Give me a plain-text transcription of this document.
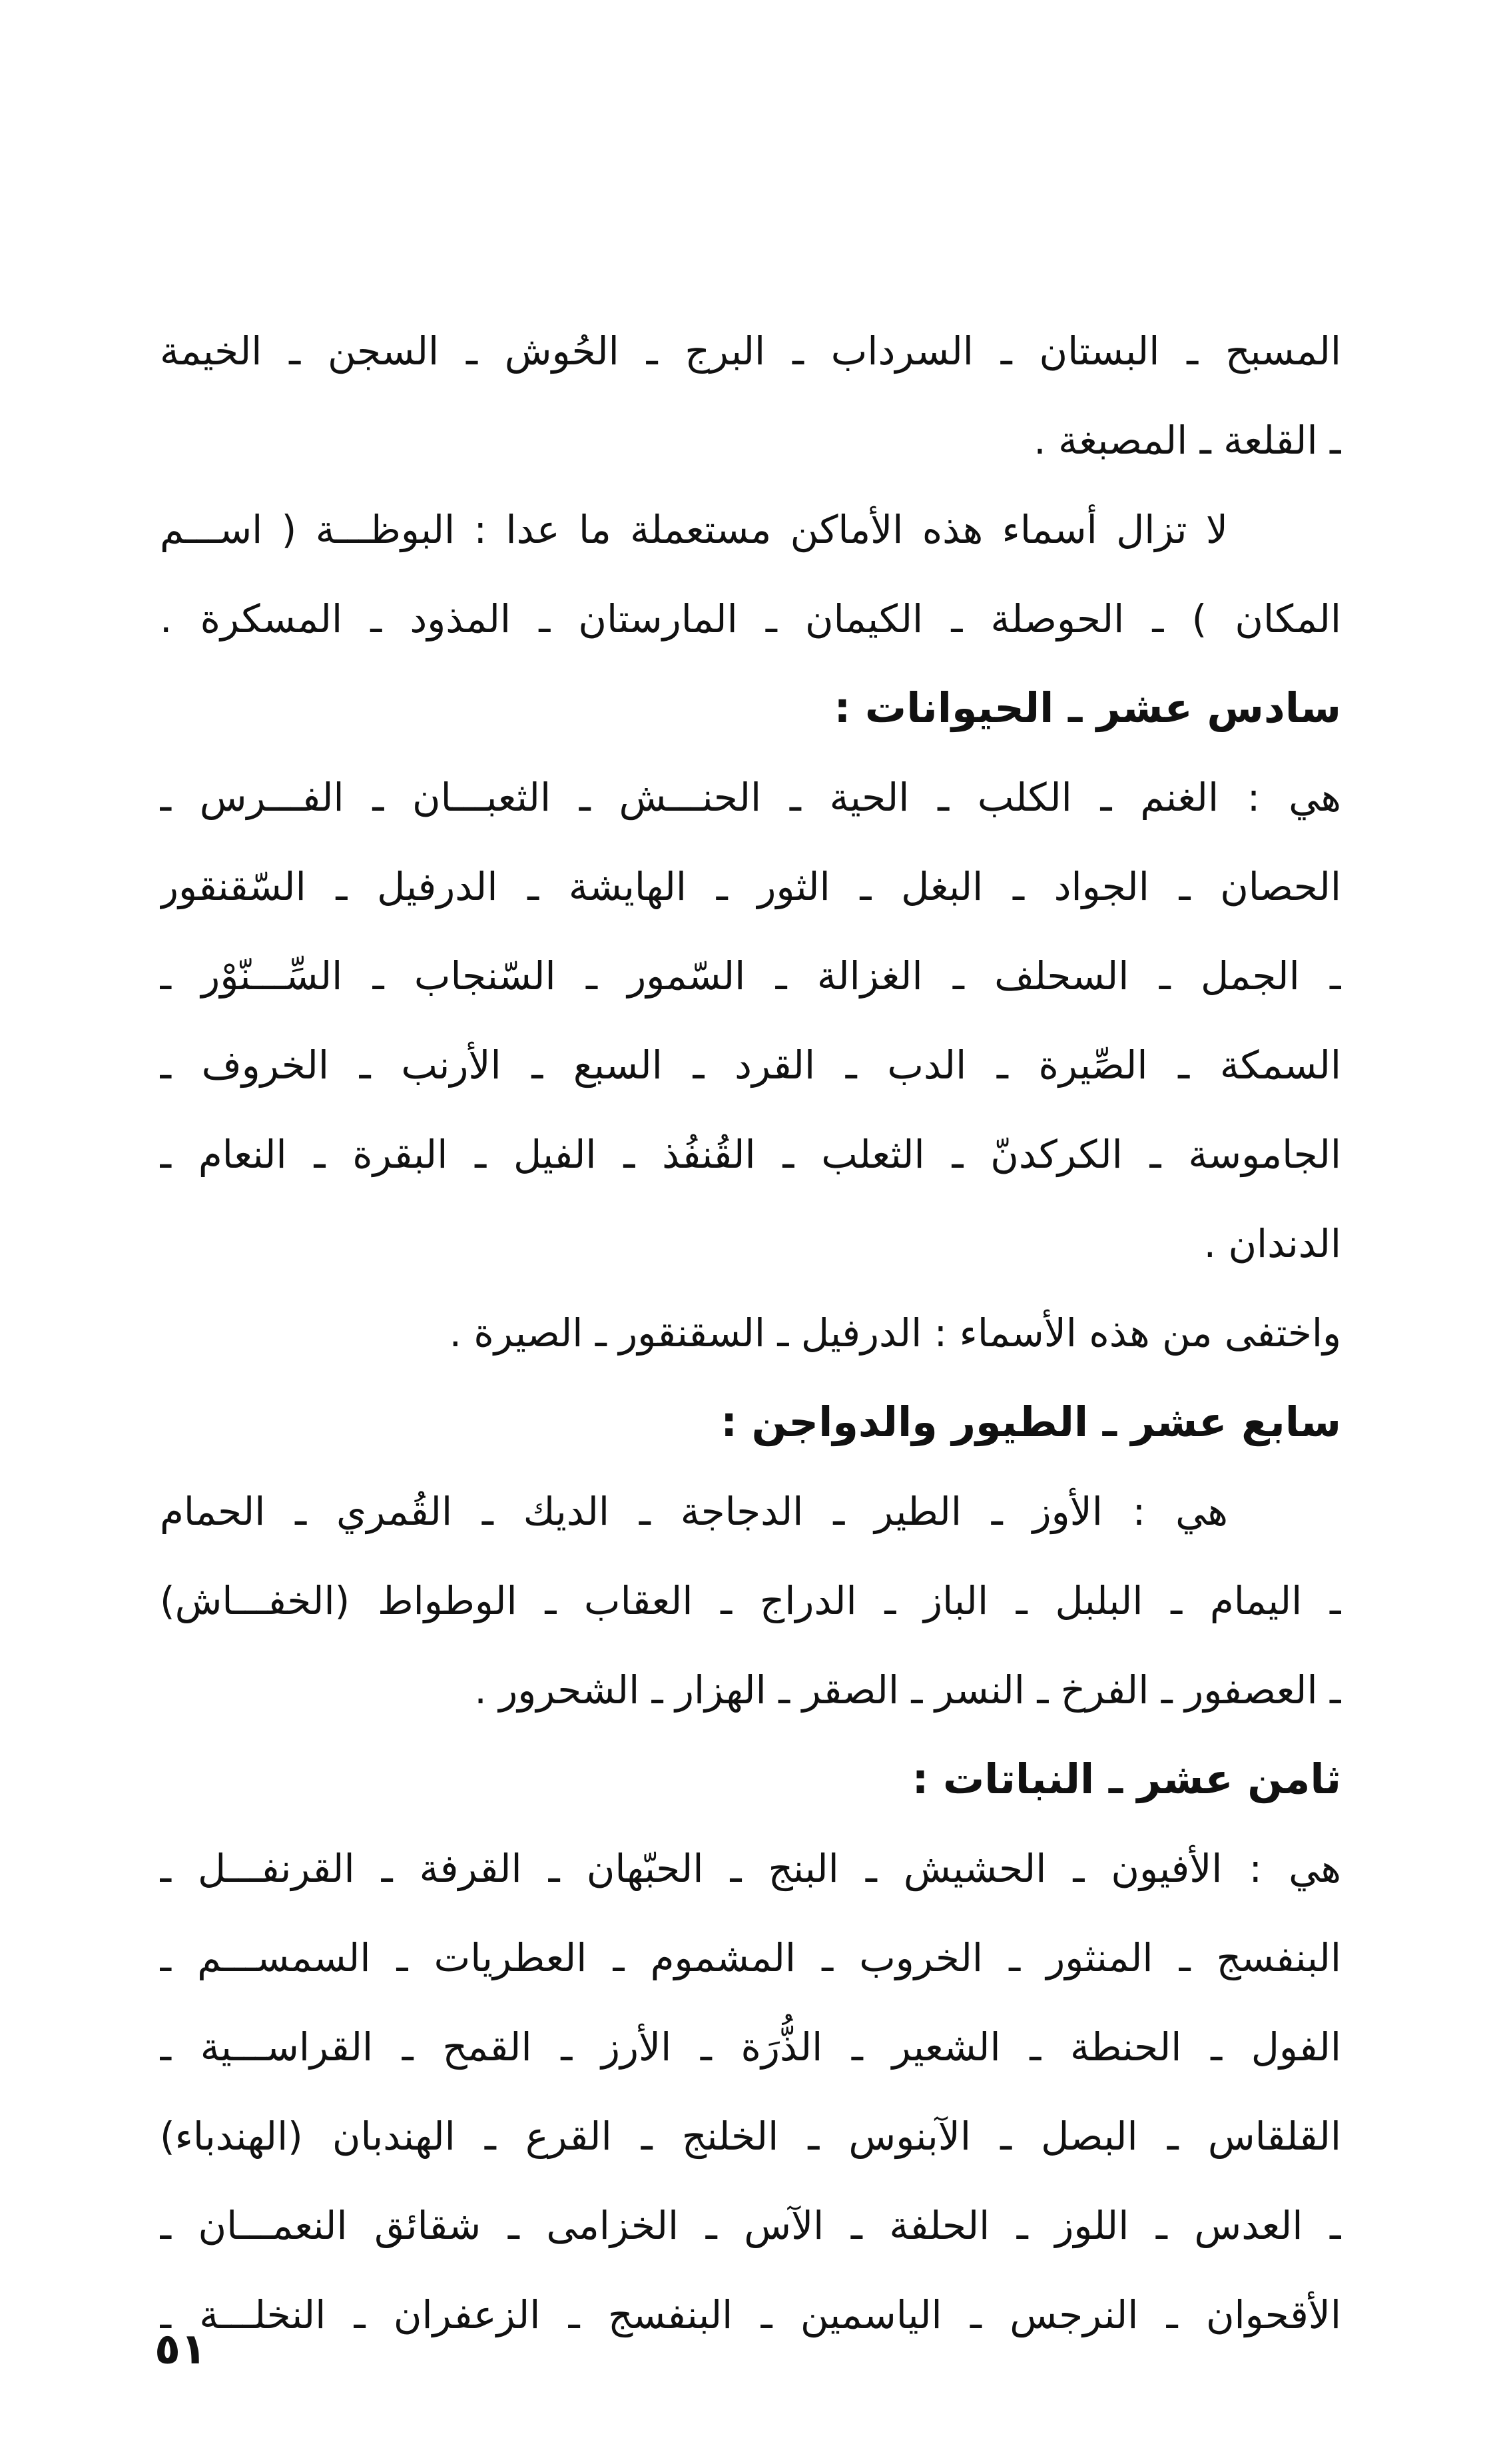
المسبح ـ البستان ـ السرداب ـ البرج ـ الحُوش ـ السجن ـ الخيمة
ـ القلعة ـ المصبغة .
لا تزال أسماء هذه الأماكن مستعملة ما عدا : البوظـــة ( اســـم
المكان ) ـ الحوصلة ـ الكيمان ـ المارستان ـ المذود ـ المسكرة .
سادس عشر ـ الحيوانات :
هي : الغنم ـ الكلب ـ الحية ـ الحنـــش ـ الثعبـــان ـ الفـــرس ـ
الحصان ـ الجواد ـ البغل ـ الثور ـ الهايشة ـ الدرفيل ـ السّقنقور
ـ الجمل ـ السحلف ـ الغزالة ـ السّمور ـ السّنجاب ـ السِّـــنّوْر ـ
السمكة ـ الصِّيرة ـ الدب ـ القرد ـ السبع ـ الأرنب ـ الخروف ـ
الجاموسة ـ الكركدنّ ـ الثعلب ـ القُنفُذ ـ الفيل ـ البقرة ـ النعام ـ
الدندان .
واختفى من هذه الأسماء : الدرفيل ـ السقنقور ـ الصيرة .
سابع عشر ـ الطيور والدواجن :
هي : الأوز ـ الطير ـ الدجاجة ـ الديك ـ القُمري ـ الحمام
ـ اليمام ـ البلبل ـ الباز ـ الدراج ـ العقاب ـ الوطواط (الخفـــاش)
ـ العصفور ـ الفرخ ـ النسر ـ الصقر ـ الهزار ـ الشحرور .
ثامن عشر ـ النباتات :
هي : الأفيون ـ الحشيش ـ البنج ـ الحبّهان ـ القرفة ـ القرنفـــل ـ
البنفسج ـ المنثور ـ الخروب ـ المشموم ـ العطريات ـ السمســـم ـ
الفول ـ الحنطة ـ الشعير ـ الذُّرَة ـ الأرز ـ القمح ـ القراســـية ـ
القلقاس ـ البصل ـ الآبنوس ـ الخلنج ـ القرع ـ الهندبان (الهندباء)
ـ العدس ـ اللوز ـ الحلفة ـ الآس ـ الخزامى ـ شقائق النعمـــان ـ
الأقحوان ـ النرجس ـ الياسمين ـ البنفسج ـ الزعفران ـ النخلـــة ـ
٥١
